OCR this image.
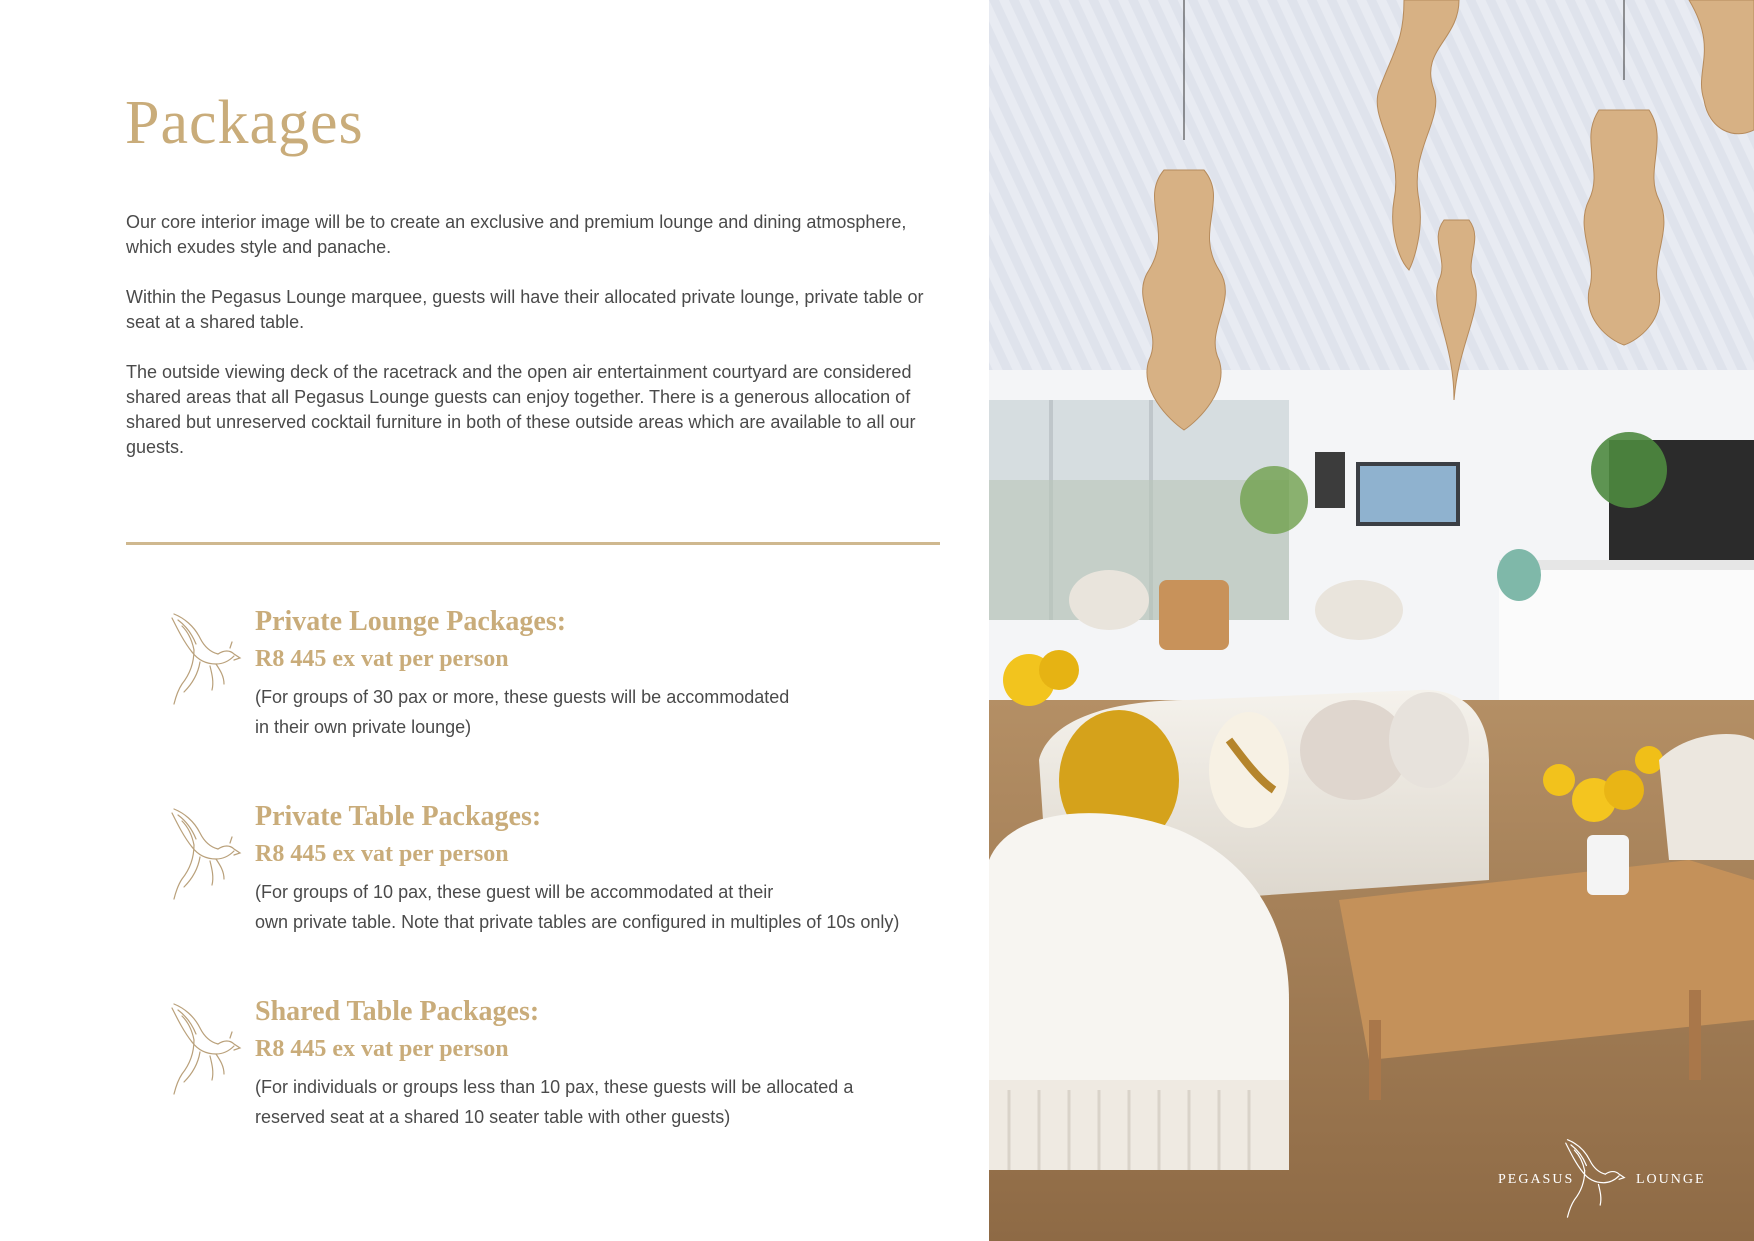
Packages

Our core interior image will be to create an exclusive and premium lounge and dining atmosphere, which exudes style and panache.

Within the Pegasus Lounge marquee, guests will have their allocated private lounge, private table or seat at a shared table.

The outside viewing deck of the racetrack and the open air entertainment courtyard are considered shared areas that all Pegasus Lounge guests can enjoy together. There is a generous allocation of shared but unreserved cocktail furniture in both of these outside areas which are available to all our guests.

Private Lounge Packages:
R8 445 ex vat per person
(For groups of 30 pax or more, these guests will be accommodated
in their own private lounge)
Private Table Packages:
R8 445 ex vat per person
(For groups of 10 pax, these guest will be accommodated at their
own private table. Note that private tables are configured in multiples of 10s only)
Shared Table Packages:
R8 445 ex vat per person
(For individuals or groups less than 10 pax, these guests will be allocated a
reserved seat at a shared 10 seater table with other guests)
PEGASUS	LOUNGE
